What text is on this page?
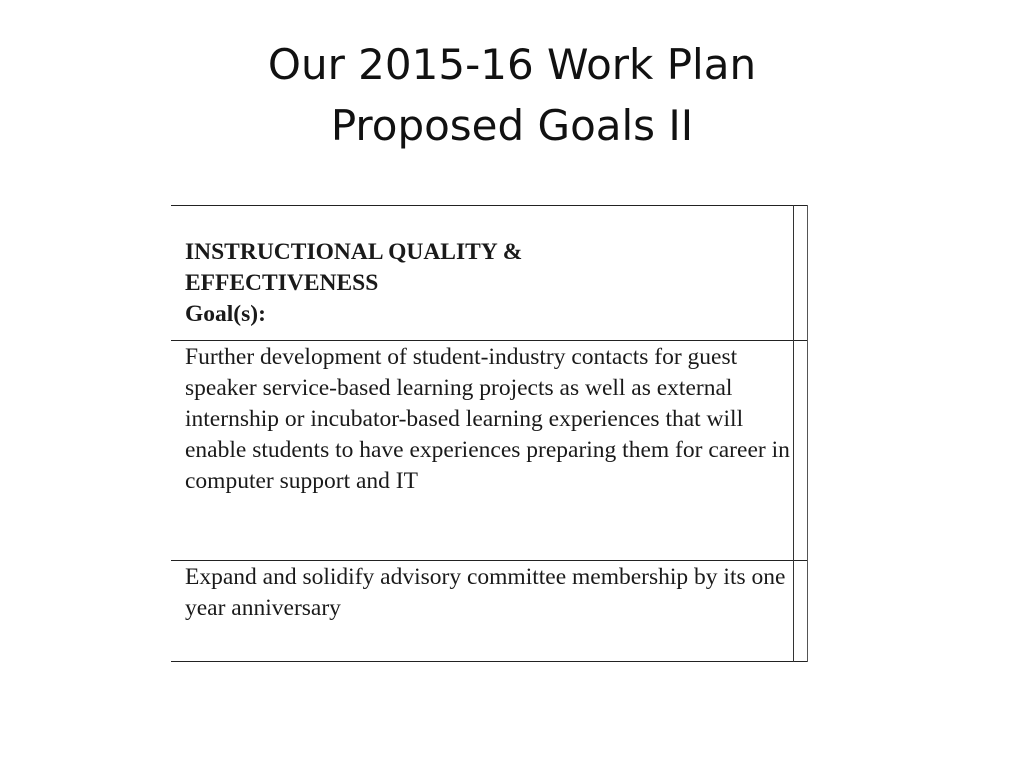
Our 2015-16 Work Plan
Proposed Goals II
INSTRUCTIONAL QUALITY &
EFFECTIVENESS
Goal(s):
Further development of student-industry contacts for guest speaker service-based learning projects as well as external internship or incubator-based learning experiences that will enable students to have experiences preparing them for career in computer support and IT
Expand and solidify advisory committee membership by its one year anniversary
